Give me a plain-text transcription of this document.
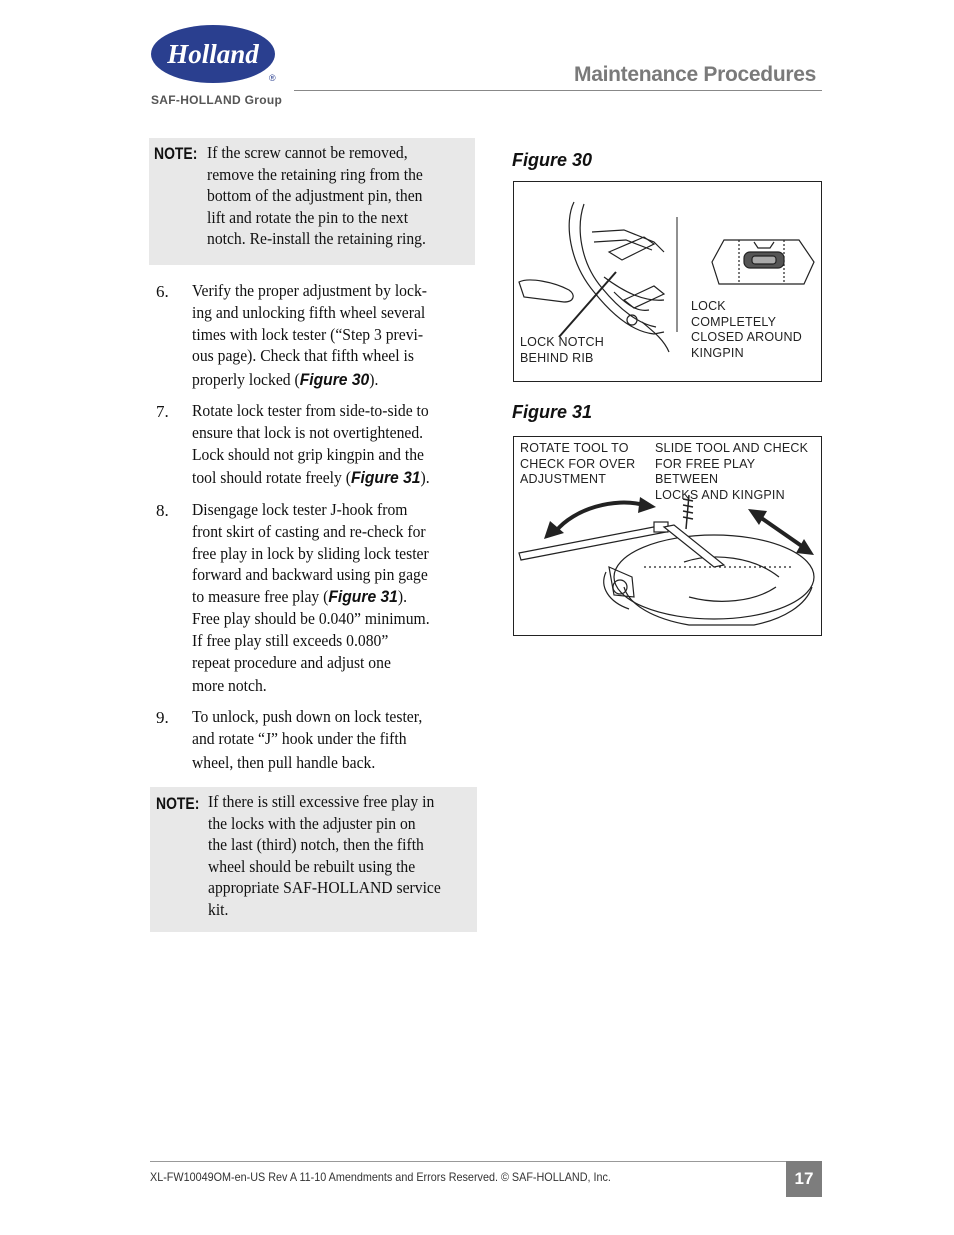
Holland
®
SAF-HOLLAND Group
Maintenance Procedures
NOTE: If the screw cannot be removed,
remove the retaining ring from the
bottom of the adjustment pin, then
lift and rotate the pin to the next
notch. Re-install the retaining ring.
6. Verify the proper adjustment by lock-
ing and unlocking fifth wheel several
times with lock tester (“Step 3 previ-
ous page). Check that fifth wheel is
properly locked (Figure 30).
7. Rotate lock tester from side-to-side to
ensure that lock is not overtightened.
Lock should not grip kingpin and the
tool should rotate freely (Figure 31).
8. Disengage lock tester J-hook from
front skirt of casting and re-check for
free play in lock by sliding lock tester
forward and backward using pin gage
to measure free play (Figure 31).
Free play should be 0.040” minimum.
If free play still exceeds 0.080”
repeat procedure and adjust one
more notch.
9. To unlock, push down on lock tester,
and rotate “J” hook under the fifth
wheel, then pull handle back.
NOTE: If there is still excessive free play in
the locks with the adjuster pin on
the last (third) notch, then the fifth
wheel should be rebuilt using the
appropriate SAF-HOLLAND service
kit.
Figure 30
LOCK NOTCH
BEHIND RIB
LOCK
COMPLETELY
CLOSED AROUND
KINGPIN
Figure 31
ROTATE TOOL TO
CHECK FOR OVER
ADJUSTMENT
SLIDE TOOL AND CHECK
FOR FREE PLAY BETWEEN
LOCKS AND KINGPIN
XL-FW10049OM-en-US Rev A 11-10 Amendments and Errors Reserved. © SAF-HOLLAND, Inc.	17
